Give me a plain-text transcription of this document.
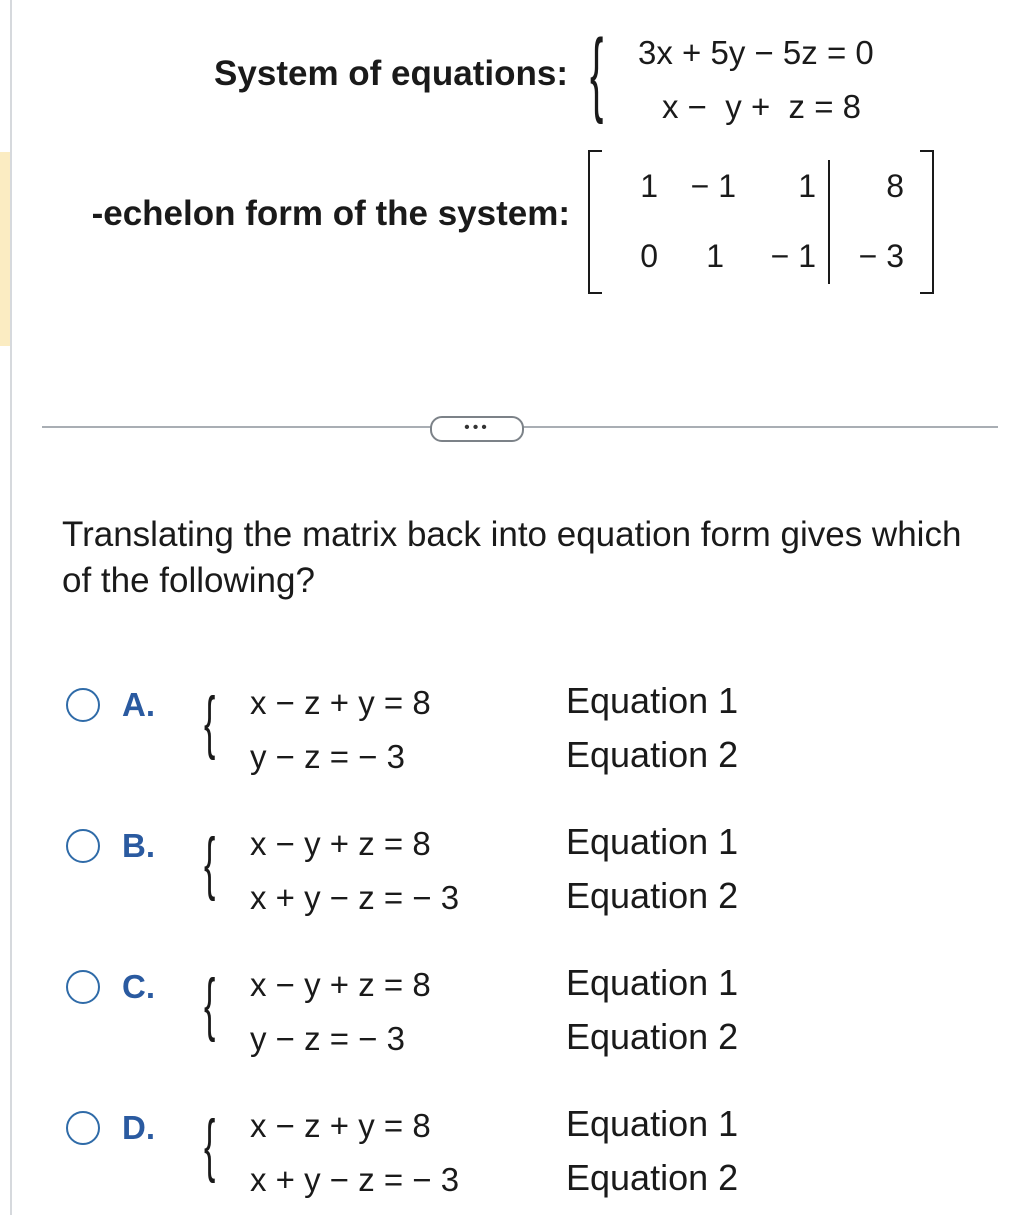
System of equations: { 3x + 5y − 5z = 0
x −  y +  z = 8
-echelon form of the system:
1	− 1	1	8
0	1	− 1	− 3
•••
Translating the matrix back into equation form gives which of the following?
A. { x − z + y = 8
y − z = − 3
Equation 1
Equation 2
B. { x − y + z = 8
x + y − z = − 3
Equation 1
Equation 2
C. { x − y + z = 8
y − z = − 3
Equation 1
Equation 2
D. { x − z + y = 8
x + y − z = − 3
Equation 1
Equation 2
